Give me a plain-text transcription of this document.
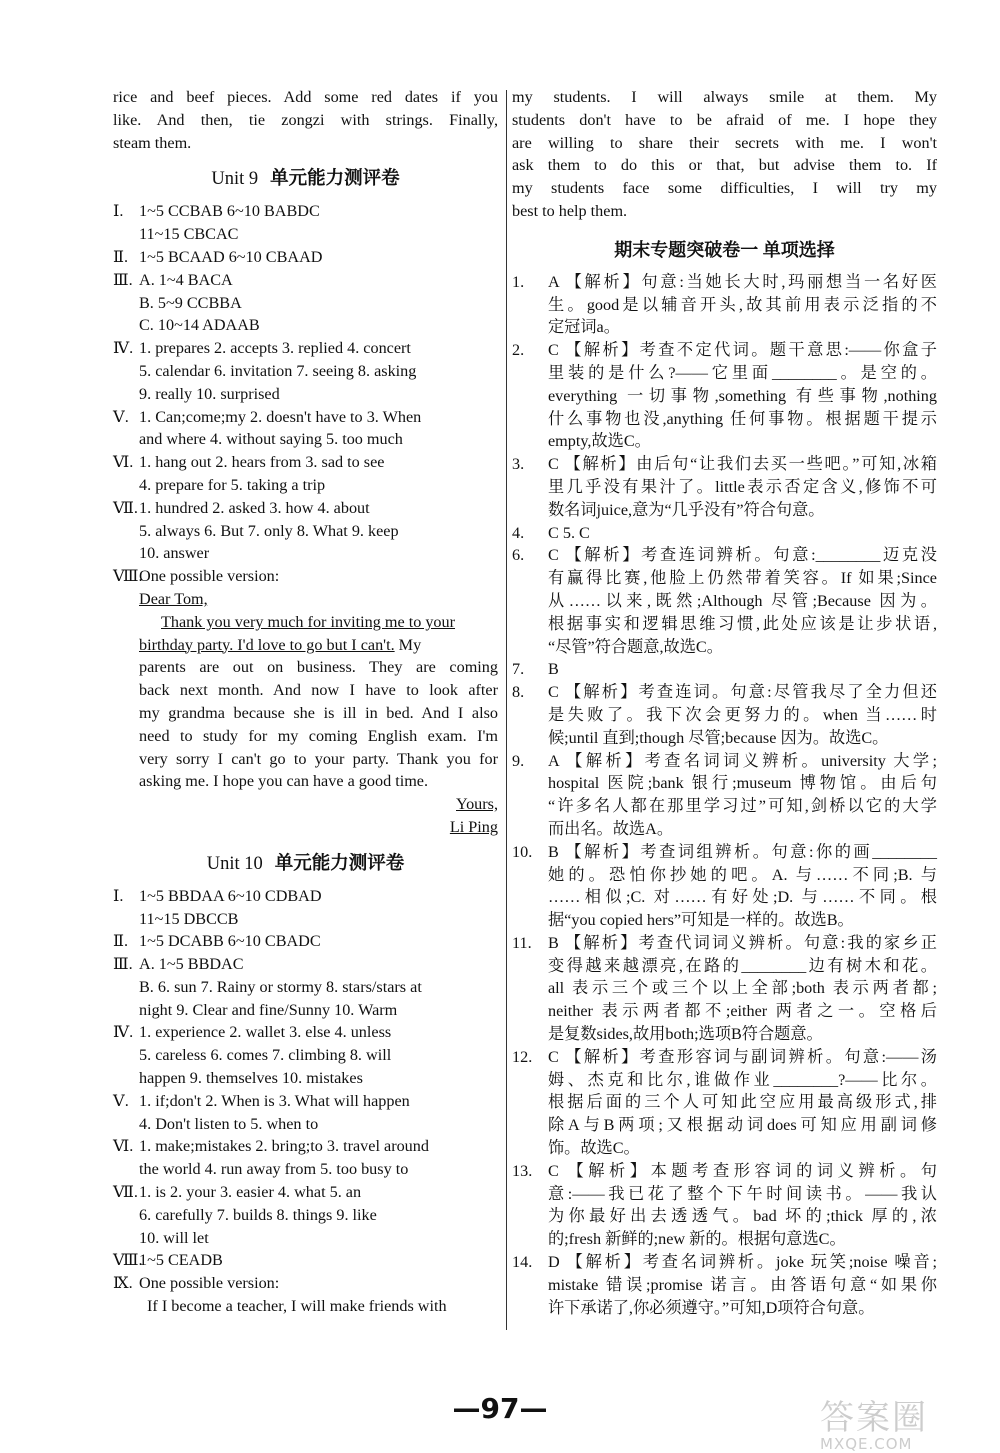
rice and beef pieces. Add some red dates if you
like. And then, tie zongzi with strings. Finally,
steam them.
Unit 9 单元能力测评卷
Ⅰ. 1~5 CCBAB 6~10 BABDC
11~15 CBCAC
Ⅱ. 1~5 BCAAD 6~10 CBAAD
Ⅲ. A. 1~4 BACA
B. 5~9 CCBBA
C. 10~14 ADAAB
Ⅳ. 1. prepares 2. accepts 3. replied 4. concert
5. calendar 6. invitation 7. seeing 8. asking
9. really 10. surprised
Ⅴ. 1. Can;come;my 2. doesn't have to 3. When
and where 4. without saying 5. too much
Ⅵ. 1. hang out 2. hears from 3. sad to see
4. prepare for 5. taking a trip
Ⅶ.1. hundred 2. asked 3. how 4. about
5. always 6. But 7. only 8. What 9. keep
10. answer
Ⅷ.One possible version:
Dear Tom,
Thank you very much for inviting me to your
birthday party. I'd love to go but I can't. My
parents are out on business. They are coming
back next month. And now I have to look after
my grandma because she is ill in bed. And I also
need to study for my coming English exam. I'm
very sorry I can't go to your party. Thank you for
asking me. I hope you can have a good time.
Yours,
Li Ping
Unit 10 单元能力测评卷
Ⅰ. 1~5 BBDAA 6~10 CDBAD
11~15 DBCCB
Ⅱ. 1~5 DCABB 6~10 CBADC
Ⅲ. A. 1~5 BBDAC
B. 6. sun 7. Rainy or stormy 8. stars/stars at
night 9. Clear and fine/Sunny 10. Warm
Ⅳ. 1. experience 2. wallet 3. else 4. unless
5. careless 6. comes 7. climbing 8. will
happen 9. themselves 10. mistakes
Ⅴ. 1. if;don't 2. When is 3. What will happen
4. Don't listen to 5. when to
Ⅵ. 1. make;mistakes 2. bring;to 3. travel around
the world 4. run away from 5. too busy to
Ⅶ.1. is 2. your 3. easier 4. what 5. an
6. carefully 7. builds 8. things 9. like
10. will let
Ⅷ.1~5 CEADB
Ⅸ. One possible version:
If I become a teacher, I will make friends with
my students. I will always smile at them. My
students don't have to be afraid of me. I hope they
are willing to share their secrets with me. I won't
ask them to do this or that, but advise them to. If
my students face some difficulties, I will try my
best to help them.
期末专题突破卷一 单项选择
1. A 【解析】句意:当她长大时,玛丽想当一名好医
生。good是以辅音开头,故其前用表示泛指的不
定冠词a。
2. C 【解析】考查不定代词。题干意思:——你盒子
里装的是什么?——它里面________。是空的。
everything 一切事物,something 有些事物,nothing
什么事物也没,anything 任何事物。根据题干提示
empty,故选C。
3. C 【解析】由后句“让我们去买一些吧。”可知,冰箱
里几乎没有果汁了。little表示否定含义,修饰不可
数名词juice,意为“几乎没有”符合句意。
4. C 5. C
6. C 【解析】考查连词辨析。句意:________迈克没
有赢得比赛,他脸上仍然带着笑容。If 如果;Since
从……以来,既然;Although 尽管;Because 因为。
根据事实和逻辑思维习惯,此处应该是让步状语,
“尽管”符合题意,故选C。
7. B
8. C 【解析】考查连词。句意:尽管我尽了全力但还
是失败了。我下次会更努力的。when 当……时
候;until 直到;though 尽管;because 因为。故选C。
9. A 【解析】考查名词词义辨析。university 大学;
hospital 医院;bank 银行;museum 博物馆。由后句
“许多名人都在那里学习过”可知,剑桥以它的大学
而出名。故选A。
10. B 【解析】考查词组辨析。句意:你的画________
她的。恐怕你抄她的吧。A. 与……不同;B. 与
……相似;C. 对……有好处;D. 与……不同。根
据“you copied hers”可知是一样的。故选B。
11. B 【解析】考查代词词义辨析。句意:我的家乡正
变得越来越漂亮,在路的________边有树木和花。
all 表示三个或三个以上全部;both 表示两者都;
neither 表示两者都不;either 两者之一。空格后
是复数sides,故用both;选项B符合题意。
12. C 【解析】考查形容词与副词辨析。句意:——汤
姆、杰克和比尔,谁做作业________?——比尔。
根据后面的三个人可知此空应用最高级形式,排
除A与B两项;又根据动词does可知应用副词修
饰。故选C。
13. C 【解析】本题考查形容词的词义辨析。句
意:——我已花了整个下午时间读书。——我认
为你最好出去透透气。bad 坏的;thick 厚的,浓
的;fresh 新鲜的;new 新的。根据句意选C。
14. D 【解析】考查名词辨析。joke 玩笑;noise 噪音;
mistake 错误;promise 诺言。由答语句意“如果你
许下承诺了,你必须遵守。”可知,D项符合句意。
—97—	答案圈
MXQE.COM
